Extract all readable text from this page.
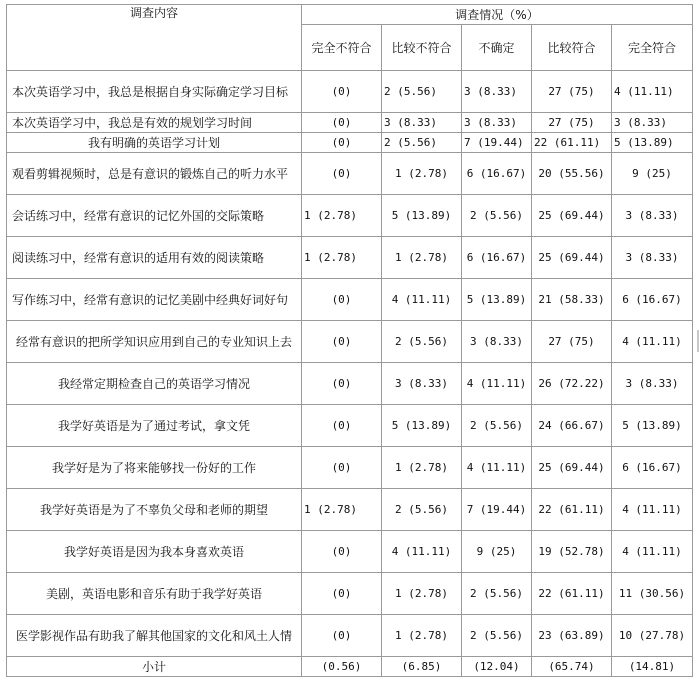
调查内容	调查情况（%）				
	完全不符合	比较不符合	不确定	比较符合	完全符合
本次英语学习中，我总是根据自身实际确定学习目标	(0)	2 (5.56)	3 (8.33)	27 (75)	4 (11.11)
本次英语学习中，我总是有效的规划学习时间	(0)	3 (8.33)	3 (8.33)	27 (75)	3 (8.33)
我有明确的英语学习计划	(0)	2 (5.56)	7 (19.44)	22 (61.11)	5 (13.89)
观看剪辑视频时，总是有意识的锻炼自己的听力水平	(0)	1 (2.78)	6 (16.67)	20 (55.56)	9 (25)
会话练习中，经常有意识的记忆外国的交际策略	1 (2.78)	5 (13.89)	2 (5.56)	25 (69.44)	3 (8.33)
阅读练习中，经常有意识的适用有效的阅读策略	1 (2.78)	1 (2.78)	6 (16.67)	25 (69.44)	3 (8.33)
写作练习中，经常有意识的记忆美剧中经典好词好句	(0)	4 (11.11)	5 (13.89)	21 (58.33)	6 (16.67)
经常有意识的把所学知识应用到自己的专业知识上去	(0)	2 (5.56)	3 (8.33)	27 (75)	4 (11.11)
我经常定期检查自己的英语学习情况	(0)	3 (8.33)	4 (11.11)	26 (72.22)	3 (8.33)
我学好英语是为了通过考试，拿文凭	(0)	5 (13.89)	2 (5.56)	24 (66.67)	5 (13.89)
我学好是为了将来能够找一份好的工作	(0)	1 (2.78)	4 (11.11)	25 (69.44)	6 (16.67)
我学好英语是为了不辜负父母和老师的期望	1 (2.78)	2 (5.56)	7 (19.44)	22 (61.11)	4 (11.11)
我学好英语是因为我本身喜欢英语	(0)	4 (11.11)	9 (25)	19 (52.78)	4 (11.11)
美剧，英语电影和音乐有助于我学好英语	(0)	1 (2.78)	2 (5.56)	22 (61.11)	11 (30.56)
医学影视作品有助我了解其他国家的文化和风土人情	(0)	1 (2.78)	2 (5.56)	23 (63.89)	10 (27.78)
小计	(0.56)	(6.85)	(12.04)	(65.74)	(14.81)
